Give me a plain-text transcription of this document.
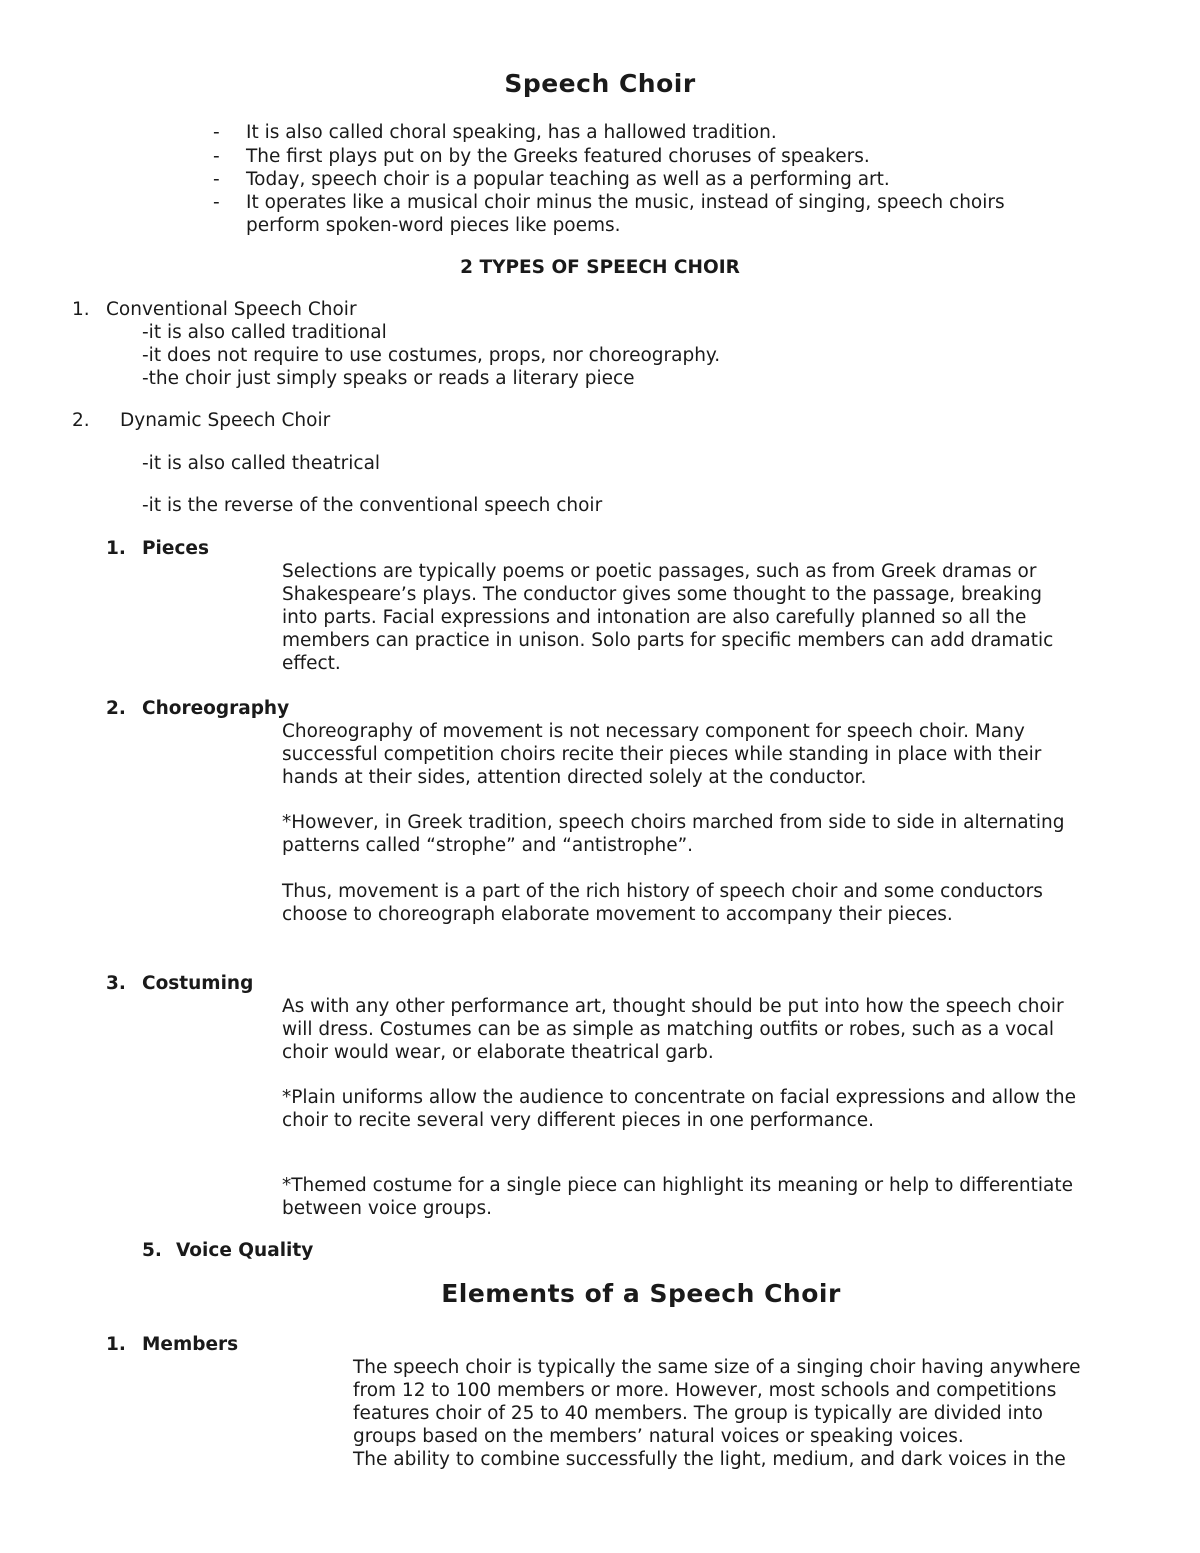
Speech Choir
- It is also called choral speaking, has a hallowed tradition.
- The first plays put on by the Greeks featured choruses of speakers.
- Today, speech choir is a popular teaching as well as a performing art.
- It operates like a musical choir minus the music, instead of singing, speech choirs
perform spoken-word pieces like poems.
2 TYPES OF SPEECH CHOIR
1. Conventional Speech Choir
-it is also called traditional
-it does not require to use costumes, props, nor choreography.
-the choir just simply speaks or reads a literary piece
2. Dynamic Speech Choir
-it is also called theatrical
-it is the reverse of the conventional speech choir
1. Pieces
Selections are typically poems or poetic passages, such as from Greek dramas or
Shakespeare’s plays. The conductor gives some thought to the passage, breaking
into parts. Facial expressions and intonation are also carefully planned so all the
members can practice in unison. Solo parts for specific members can add dramatic
effect.
2. Choreography
Choreography of movement is not necessary component for speech choir. Many
successful competition choirs recite their pieces while standing in place with their
hands at their sides, attention directed solely at the conductor.
*However, in Greek tradition, speech choirs marched from side to side in alternating
patterns called “strophe” and “antistrophe”.
Thus, movement is a part of the rich history of speech choir and some conductors
choose to choreograph elaborate movement to accompany their pieces.
3. Costuming
As with any other performance art, thought should be put into how the speech choir
will dress. Costumes can be as simple as matching outfits or robes, such as a vocal
choir would wear, or elaborate theatrical garb.
*Plain uniforms allow the audience to concentrate on facial expressions and allow the
choir to recite several very different pieces in one performance.
*Themed costume for a single piece can highlight its meaning or help to differentiate
between voice groups.
5. Voice Quality
Elements of a Speech Choir
1. Members
The speech choir is typically the same size of a singing choir having anywhere
from 12 to 100 members or more. However, most schools and competitions
features choir of 25 to 40 members. The group is typically are divided into
groups based on the members’ natural voices or speaking voices.
The ability to combine successfully the light, medium, and dark voices in the
